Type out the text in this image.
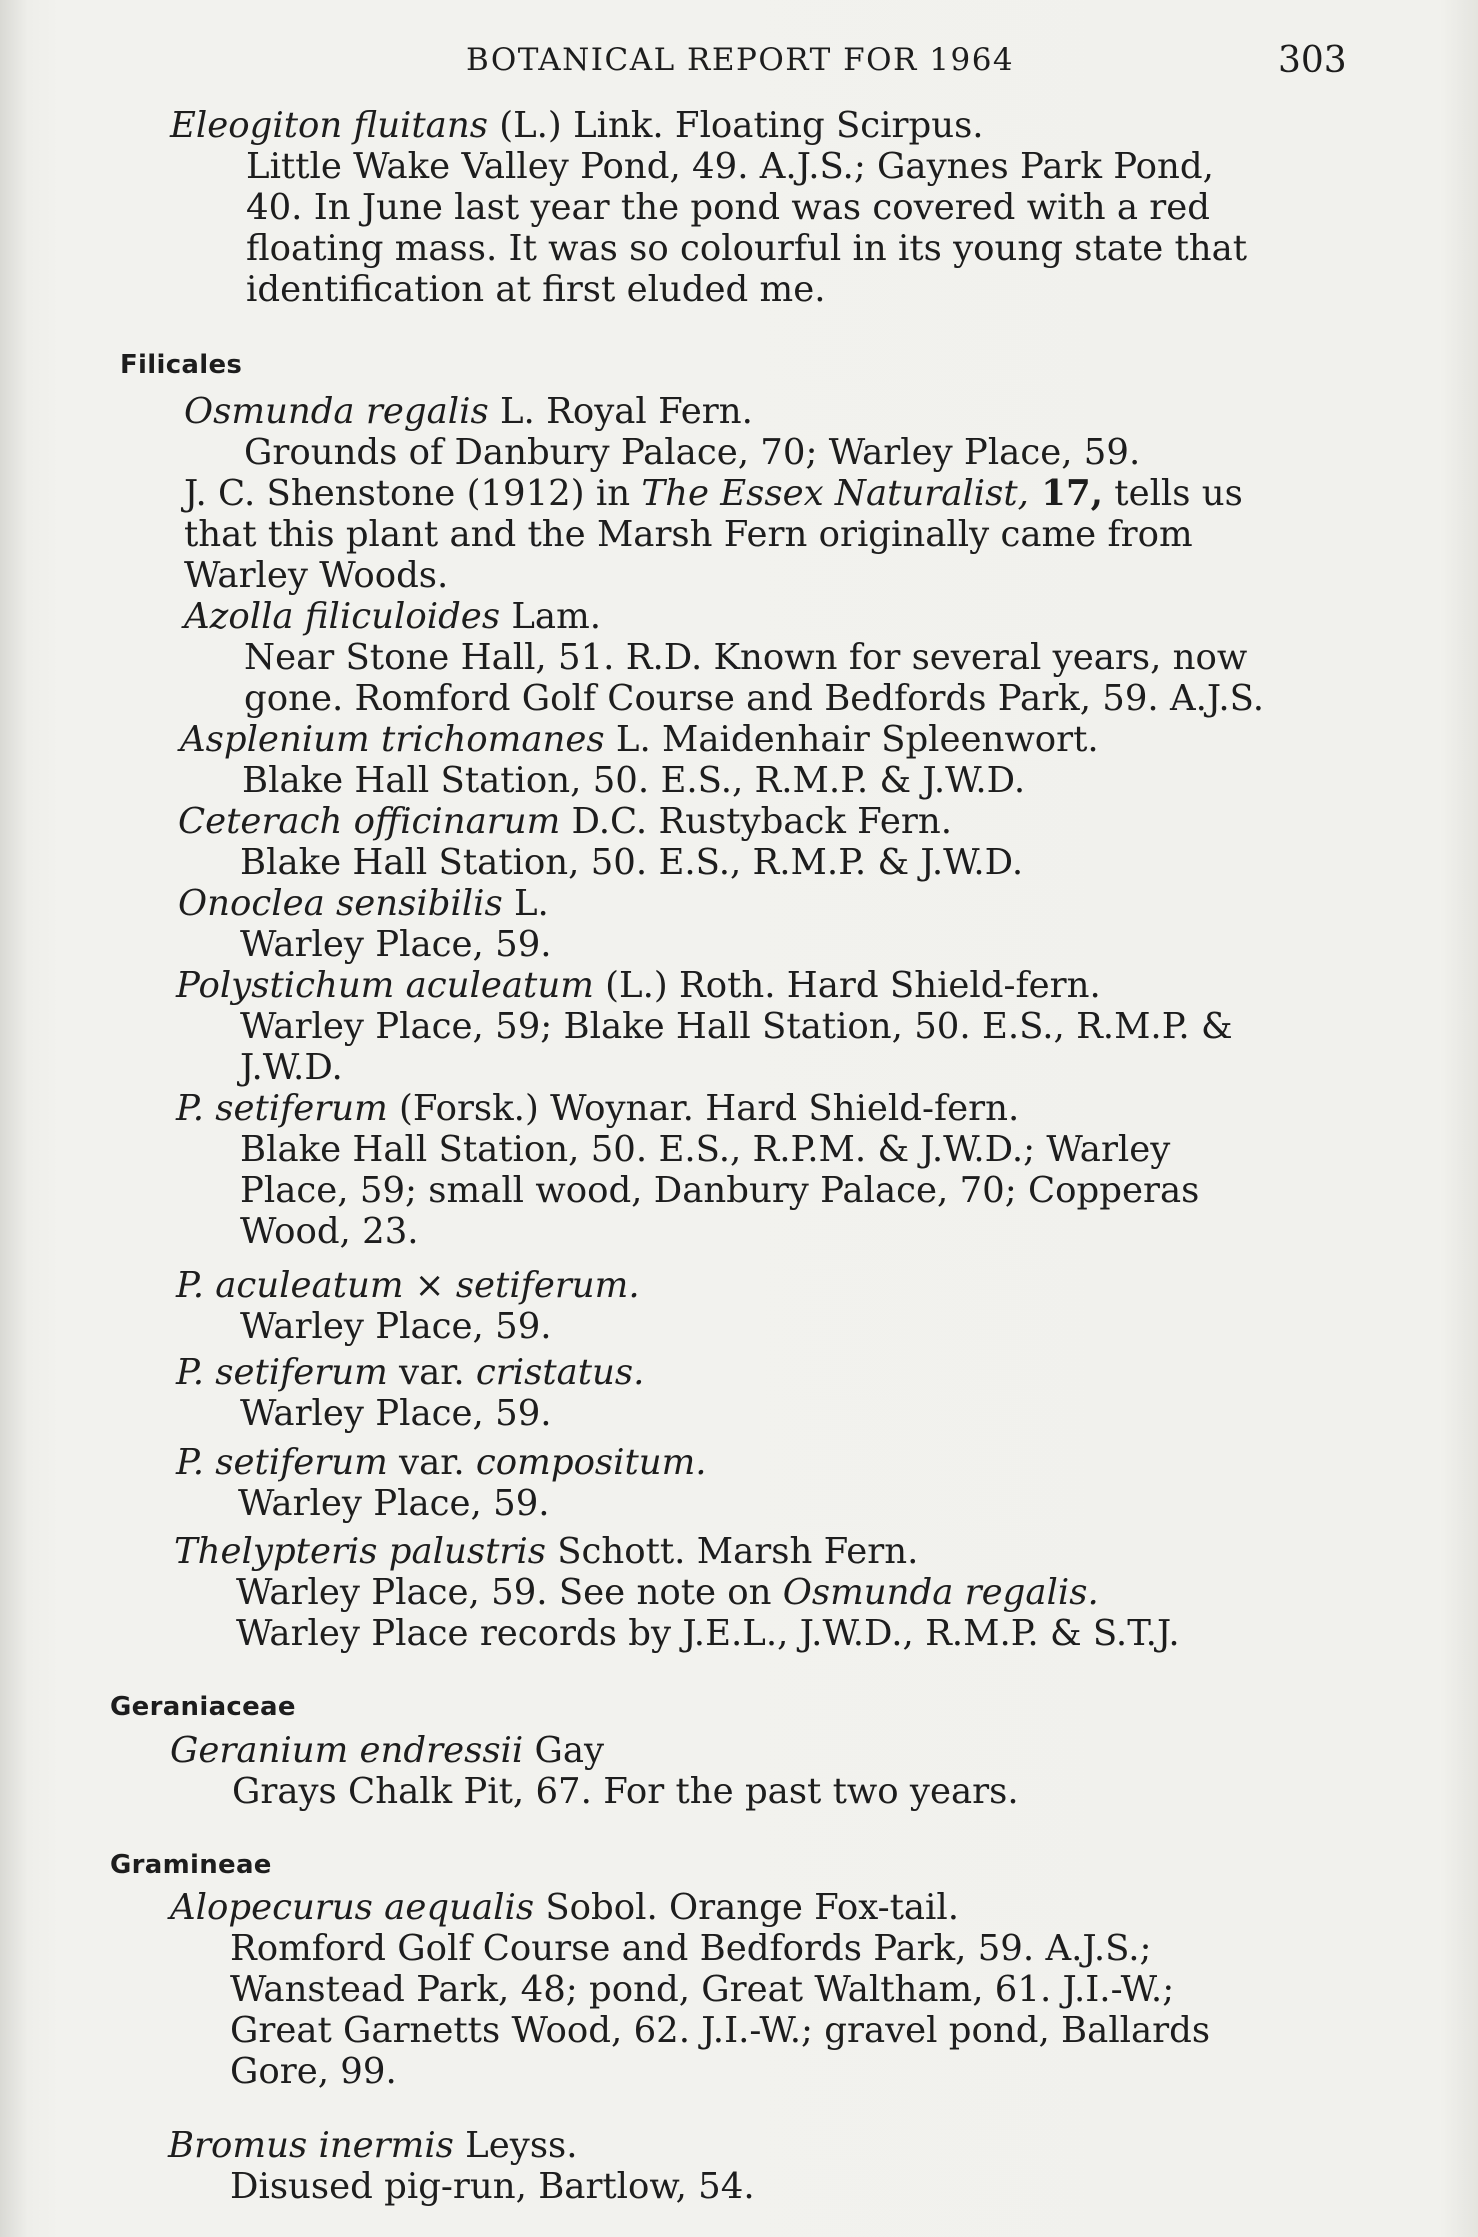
BOTANICAL REPORT FOR 1964	303
Eleogiton fluitans (L.) Link. Floating Scirpus.
Little Wake Valley Pond, 49. A.J.S.; Gaynes Park Pond,
40. In June last year the pond was covered with a red
floating mass. It was so colourful in its young state that
identification at first eluded me.
Filicales
Osmunda regalis L. Royal Fern.
Grounds of Danbury Palace, 70; Warley Place, 59.
J. C. Shenstone (1912) in The Essex Naturalist, 17, tells us
that this plant and the Marsh Fern originally came from
Warley Woods.
Azolla filiculoides Lam.
Near Stone Hall, 51. R.D. Known for several years, now
gone. Romford Golf Course and Bedfords Park, 59. A.J.S.
Asplenium trichomanes L. Maidenhair Spleenwort.
Blake Hall Station, 50. E.S., R.M.P. & J.W.D.
Ceterach officinarum D.C. Rustyback Fern.
Blake Hall Station, 50. E.S., R.M.P. & J.W.D.
Onoclea sensibilis L.
Warley Place, 59.
Polystichum aculeatum (L.) Roth. Hard Shield-fern.
Warley Place, 59; Blake Hall Station, 50. E.S., R.M.P. &
J.W.D.
P. setiferum (Forsk.) Woynar. Hard Shield-fern.
Blake Hall Station, 50. E.S., R.P.M. & J.W.D.; Warley
Place, 59; small wood, Danbury Palace, 70; Copperas
Wood, 23.
P. aculeatum × setiferum.
Warley Place, 59.
P. setiferum var. cristatus.
Warley Place, 59.
P. setiferum var. compositum.
Warley Place, 59.
Thelypteris palustris Schott. Marsh Fern.
Warley Place, 59. See note on Osmunda regalis.
Warley Place records by J.E.L., J.W.D., R.M.P. & S.T.J.
Geraniaceae
Geranium endressii Gay
Grays Chalk Pit, 67. For the past two years.
Gramineae
Alopecurus aequalis Sobol. Orange Fox-tail.
Romford Golf Course and Bedfords Park, 59. A.J.S.;
Wanstead Park, 48; pond, Great Waltham, 61. J.I.-W.;
Great Garnetts Wood, 62. J.I.-W.; gravel pond, Ballards
Gore, 99.
Bromus inermis Leyss.
Disused pig-run, Bartlow, 54.
